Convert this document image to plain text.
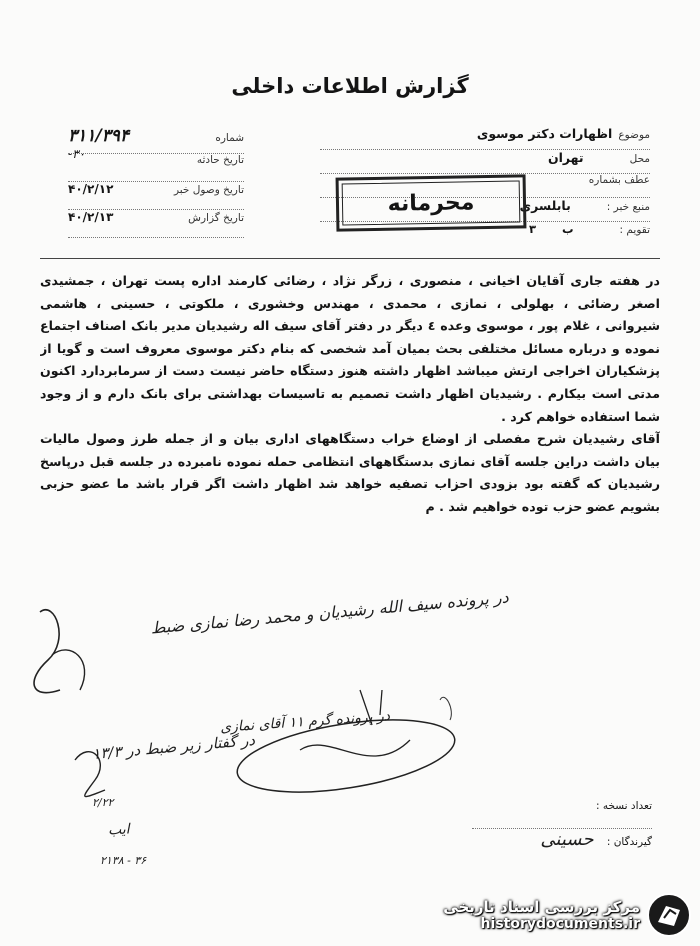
گزارش اطلاعات داخلی
موضوع
اظهارات دکتر موسوی
محل
تهران
عطف بشماره
منبع خبر :
بابلسری
تقویم :
ب
۳
شماره
۳۱۱/۳۹۴
تاریخ حادثه
تاریخ وصول خبر
۴۰/۲/۱۲
تاریخ گزارش
۴۰/۲/۱۳
۳۰-
محرمانه
در هفته جاری آقایان اخیانی ، منصوری ، زرگر نژاد ، رضائی کارمند اداره پست تهران ، جمشیدی
اصغر رضائی ، بهلولی ، نمازی ، محمدی ، مهندس وخشوری ، ملکوتی ، حسینی ، هاشمی
شیروانی ، غلام پور ، موسوی وعده ٤ دیگر در دفتر آقای سیف اله رشیدیان مدیر بانک اصناف اجتماع
نموده و درباره مسائل مختلفی بحث بمیان آمد شخصی که بنام دکتر موسوی معروف است و گویا از
پزشکیاران اخراجی ارتش میباشد اظهار داشته هنوز دستگاه حاضر نیست دست از سرمابردارد اکنون
مدتی است بیکارم . رشیدیان اظهار داشت تصمیم به تاسیسات بهداشتی برای بانک دارم و از وجود
شما استفاده خواهم کرد .
آقای رشیدیان شرح مفصلی از اوضاع خراب دستگاههای اداری بیان و از جمله طرز وصول مالیات
بیان داشت دراین جلسه آقای نمازی بدستگاههای انتظامی حمله نموده نامبرده در جلسه قبل درپاسخ
رشیدیان که گفته بود بزودی احزاب تصفیه خواهد شد اظهار داشت اگر قرار باشد ما عضو حزبی
بشویم عضو حزب توده خواهیم شد . م
در پرونده سیف الله رشیدیان و محمد رضا نمازی ضبط
در پرونده گرم ۱۱ آقای نمازی
در گفتار زیر ضبط در ۱۳/۳
۲/۲۲
۲۱۳۸ - ۳۶
ایب
تعداد نسخه :
گیرندگان : حسینی
مرکز بررسی اسناد تاریخی
historydocuments.ir
